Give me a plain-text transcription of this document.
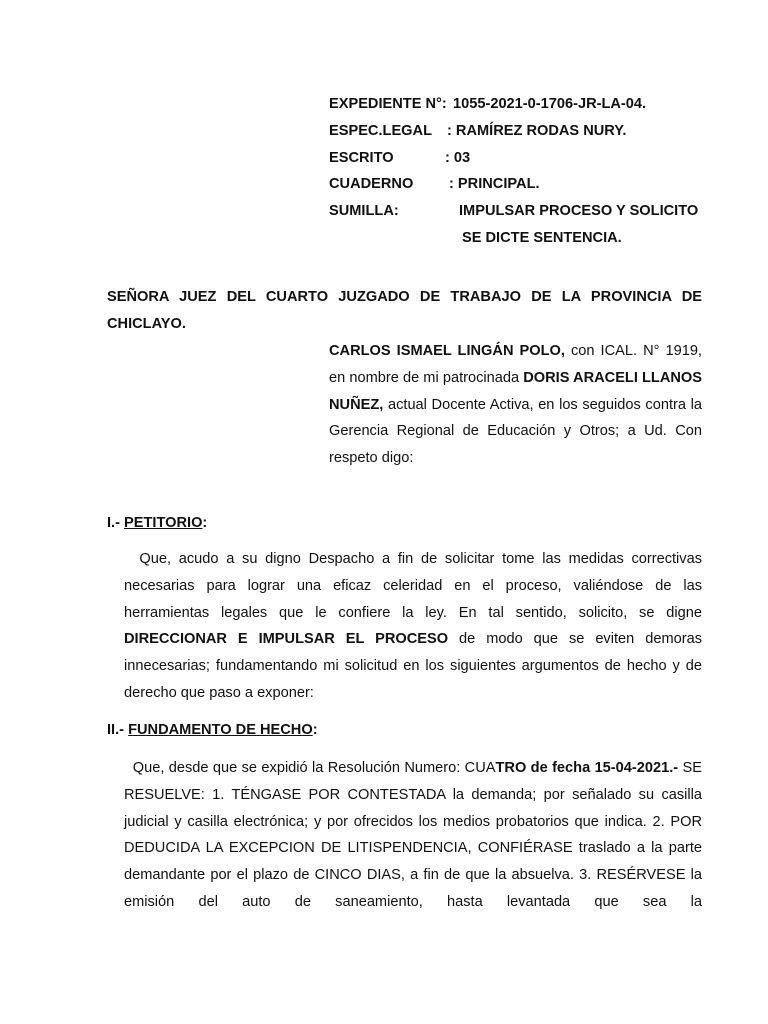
EXPEDIENTE N°: 1055-2021-0-1706-JR-LA-04.
ESPEC.LEGAL : RAMÍREZ RODAS NURY.
ESCRITO	: 03
CUADERNO : PRINCIPAL.
SUMILLA:	IMPULSAR PROCESO Y SOLICITO
SE DICTE SENTENCIA.
SEÑORA JUEZ DEL CUARTO JUZGADO DE TRABAJO DE LA PROVINCIA DE CHICLAYO.
CARLOS ISMAEL LINGÁN POLO, con ICAL. N° 1919, en nombre de mi patrocinada DORIS ARACELI LLANOS NUÑEZ, actual Docente Activa, en los seguidos contra la Gerencia Regional de Educación y Otros; a Ud. Con respeto digo:
I.- PETITORIO:
Que, acudo a su digno Despacho a fin de solicitar tome las medidas correctivas necesarias para lograr una eficaz celeridad en el proceso, valiéndose de las herramientas legales que le confiere la ley. En tal sentido, solicito, se digne DIRECCIONAR E IMPULSAR EL PROCESO de modo que se eviten demoras innecesarias; fundamentando mi solicitud en los siguientes argumentos de hecho y de derecho que paso a exponer:
II.- FUNDAMENTO DE HECHO:
Que, desde que se expidió la Resolución Numero: CUATRO de fecha 15-04-2021.- SE RESUELVE: 1. TÉNGASE POR CONTESTADA la demanda; por señalado su casilla judicial y casilla electrónica; y por ofrecidos los medios probatorios que indica. 2. POR DEDUCIDA LA EXCEPCION DE LITISPENDENCIA, CONFIÉRASE traslado a la parte demandante por el plazo de CINCO DIAS, a fin de que la absuelva. 3. RESÉRVESE la emisión del auto de saneamiento, hasta levantada que sea la
